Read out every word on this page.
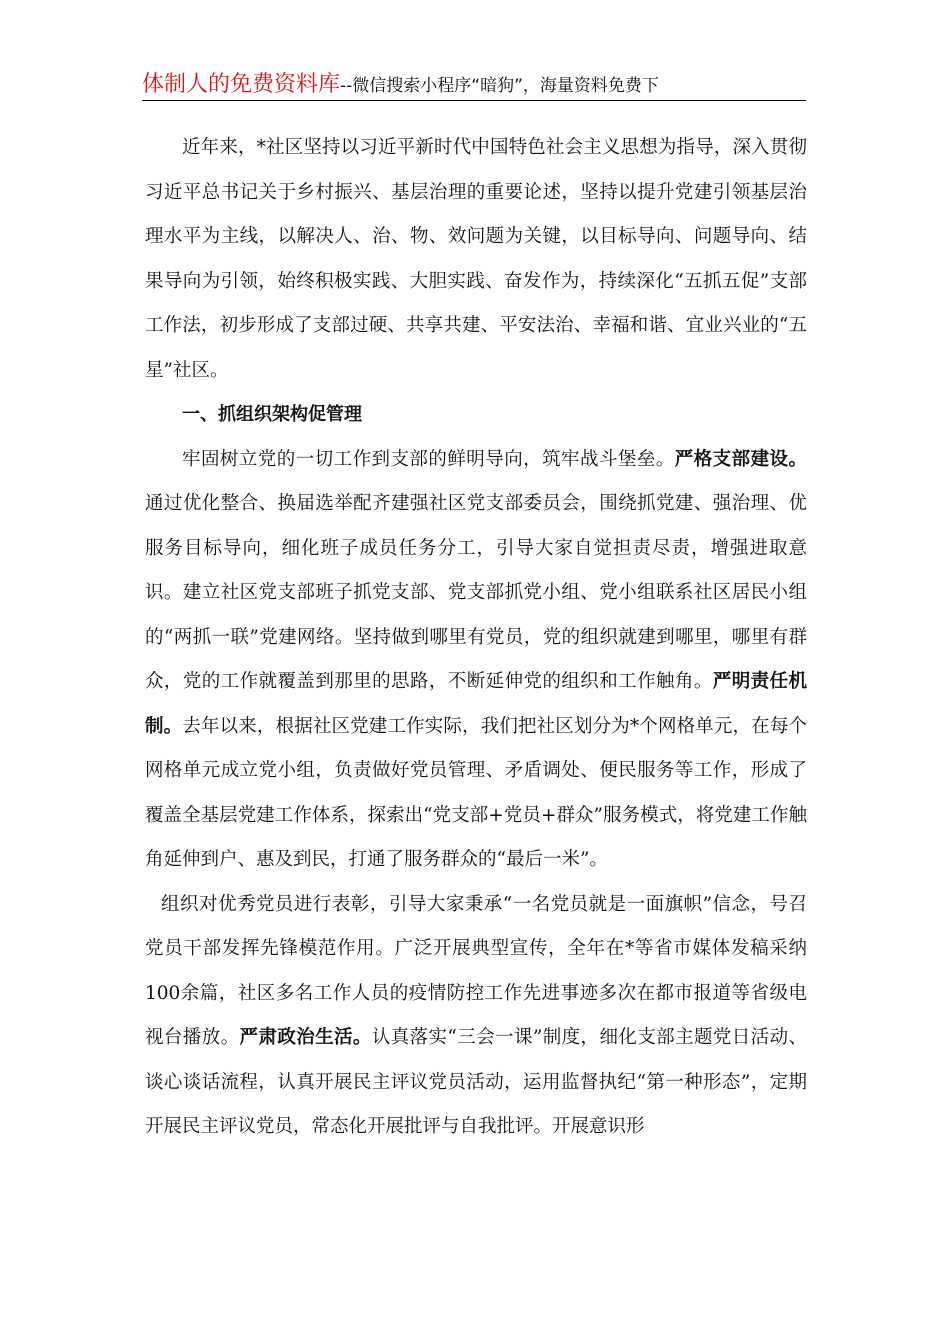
体制人的免费资料库--微信搜索小程序“暗狗”，海量资料免费下

近年来，*社区坚持以习近平新时代中国特色社会主义思想为指导，深入贯彻习近平总书记关于乡村振兴、基层治理的重要论述，坚持以提升党建引领基层治理水平为主线，以解决人、治、物、效问题为关键，以目标导向、问题导向、结果导向为引领，始终积极实践、大胆实践、奋发作为，持续深化“五抓五促”支部工作法，初步形成了支部过硬、共享共建、平安法治、幸福和谐、宜业兴业的“五星”社区。

一、抓组织架构促管理

牢固树立党的一切工作到支部的鲜明导向，筑牢战斗堡垒。严格支部建设。通过优化整合、换届选举配齐建强社区党支部委员会，围绕抓党建、强治理、优服务目标导向，细化班子成员任务分工，引导大家自觉担责尽责，增强进取意识。建立社区党支部班子抓党支部、党支部抓党小组、党小组联系社区居民小组的“两抓一联”党建网络。坚持做到哪里有党员，党的组织就建到哪里，哪里有群众，党的工作就覆盖到那里的思路，不断延伸党的组织和工作触角。严明责任机制。去年以来，根据社区党建工作实际，我们把社区划分为*个网格单元，在每个网格单元成立党小组，负责做好党员管理、矛盾调处、便民服务等工作，形成了覆盖全基层党建工作体系，探索出“党支部+党员+群众”服务模式，将党建工作触角延伸到户、惠及到民，打通了服务群众的“最后一米”。

组织对优秀党员进行表彰，引导大家秉承“一名党员就是一面旗帜”信念，号召党员干部发挥先锋模范作用。广泛开展典型宣传，全年在*等省市媒体发稿采纳100余篇，社区多名工作人员的疫情防控工作先进事迹多次在都市报道等省级电视台播放。严肃政治生活。认真落实“三会一课”制度，细化支部主题党日活动、谈心谈话流程，认真开展民主评议党员活动，运用监督执纪“第一种形态”，定期开展民主评议党员，常态化开展批评与自我批评。开展意识形
